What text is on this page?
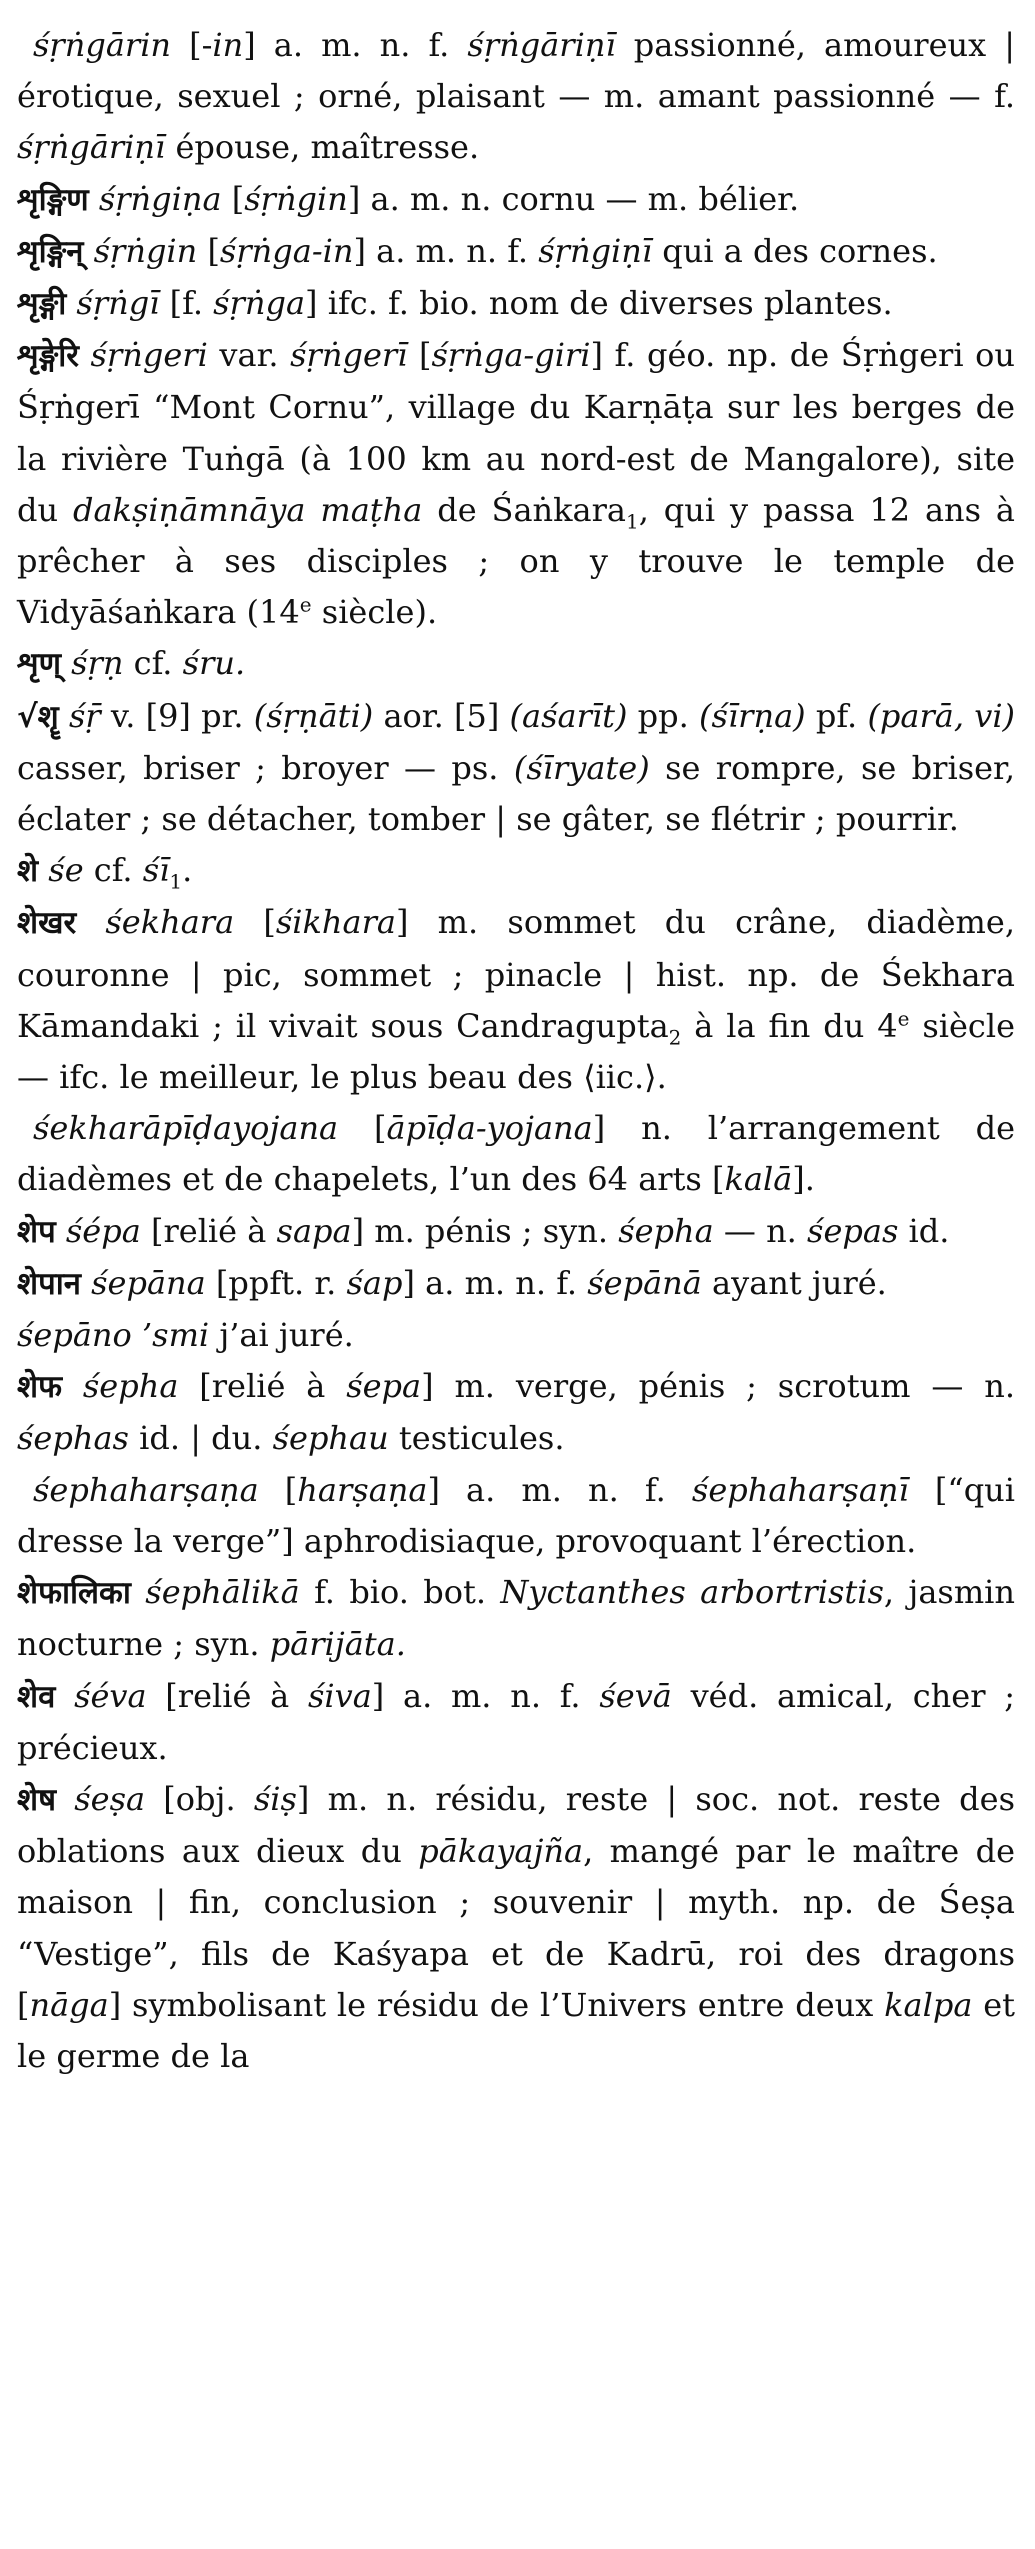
śṛṅgārin [-in] a. m. n. f. śṛṅgāriṇī passionné, amoureux | érotique, sexuel ; orné, plaisant — m. amant passionné — f. śṛṅgāriṇī épouse, maîtresse.

शृङ्गिण śṛṅgiṇa [śṛṅgin] a. m. n. cornu — m. bélier.

शृङ्गिन् śṛṅgin [śṛṅga-in] a. m. n. f. śṛṅgiṇī qui a des cornes.

शृङ्गी śṛṅgī [f. śṛṅga] ifc. f. bio. nom de diverses plantes.

शृङ्गेरि śṛṅgeri var. śṛṅgerī [śṛṅga-giri] f. géo. np. de Śṛṅgeri ou Śṛṅgerī “Mont Cornu”, village du Karṇāṭa sur les berges de la rivière Tuṅgā (à 100 km au nord-est de Mangalore), site du dakṣiṇāmnāya maṭha de Śaṅkara$_1$, qui y passa 12 ans à prêcher à ses disciples ; on y trouve le temple de Vidyāśaṅkara (14e siècle).

शृण् śṛṇ cf. śru.

√शॄ śṝ v. [9] pr. (śṛṇāti) aor. [5] (aśarīt) pp. (śīrṇa) pf. (parā, vi) casser, briser ; broyer — ps. (śīryate) se rompre, se briser, éclater ; se détacher, tomber | se gâter, se flétrir ; pourrir.

शे śe cf. $śī_1$.

शेखर śekhara [śikhara] m. sommet du crâne, diadème, couronne | pic, sommet ; pinacle | hist. np. de Śekhara Kāmandaki ; il vivait sous Candragupta$_2$ à la fin du 4e siècle — ifc. le meilleur, le plus beau des ⟨iic.⟩.

śekharāpīḍayojana [āpīḍa-yojana] n. l’arrangement de diadèmes et de chapelets, l’un des 64 arts [kalā].

शेप śépa [relié à sapa] m. pénis ; syn. śepha — n. śepas id.

शेपान śepāna [ppft. r. śap] a. m. n. f. śepānā ayant juré.

śepāno ’smi j’ai juré.

शेफ śepha [relié à śepa] m. verge, pénis ; scrotum — n. śephas id. | du. śephau testicules.

śephaharṣaṇa [harṣaṇa] a. m. n. f. śephaharṣaṇī [“qui dresse la verge”] aphrodisiaque, provoquant l’érection.

शेफालिका śephālikā f. bio. bot. Nyctanthes arbortristis, jasmin nocturne ; syn. pārijāta.

शेव śéva [relié à śiva] a. m. n. f. śevā véd. amical, cher ; précieux.

शेष śeṣa [obj. śiṣ] m. n. résidu, reste | soc. not. reste des oblations aux dieux du pākayajña, mangé par le maître de maison | fin, conclusion ; souvenir | myth. np. de Śeṣa “Vestige”, fils de Kaśyapa et de Kadrū, roi des dragons [nāga] symbolisant le résidu de l’Univers entre deux kalpa et le germe de la
